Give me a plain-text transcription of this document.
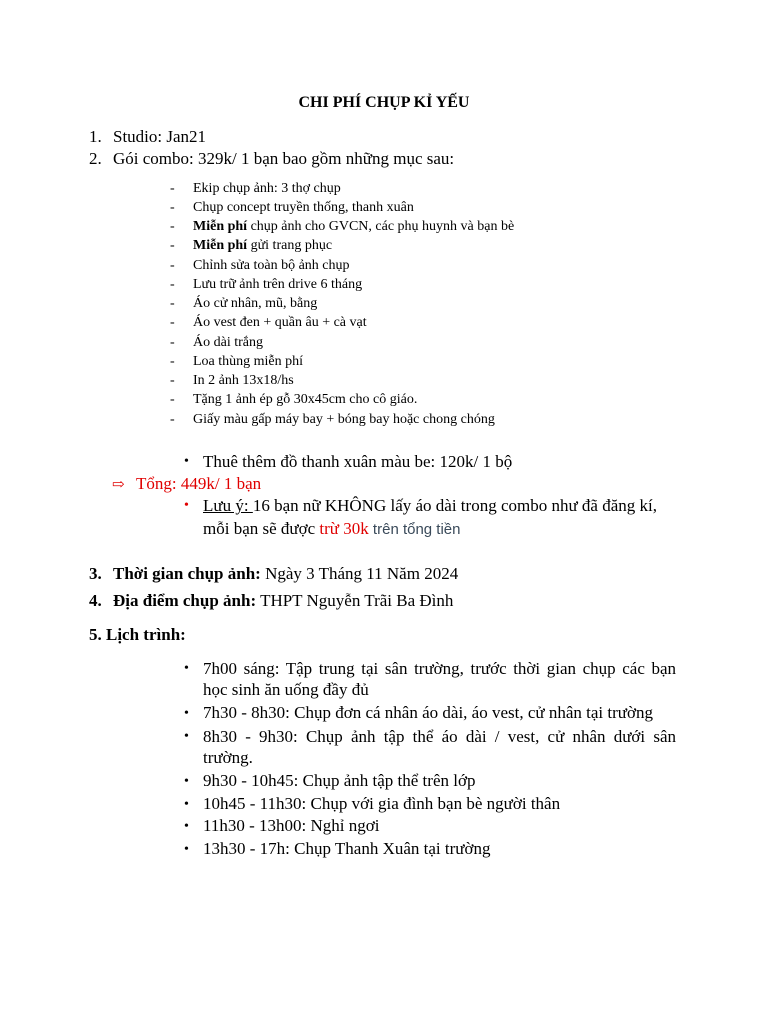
CHI PHÍ CHỤP KỈ YẾU
1. Studio: Jan21
2. Gói combo: 329k/ 1 bạn bao gồm những mục sau:
- Ekip chụp ảnh: 3 thợ chụp
- Chụp concept truyền thống, thanh xuân
- Miễn phí chụp ảnh cho GVCN, các phụ huynh và bạn bè
- Miễn phí gửi trang phục
- Chỉnh sửa toàn bộ ảnh chụp
- Lưu trữ ảnh trên drive 6 tháng
- Áo cử nhân, mũ, bằng
- Áo vest đen + quần âu + cà vạt
- Áo dài trắng
- Loa thùng miễn phí
- In 2 ảnh 13x18/hs
- Tặng 1 ảnh ép gỗ 30x45cm cho cô giáo.
- Giấy màu gấp máy bay + bóng bay hoặc chong chóng
• Thuê thêm đồ thanh xuân màu be: 120k/ 1 bộ
⇨ Tổng: 449k/ 1 bạn
• Lưu ý: 16 bạn nữ KHÔNG lấy áo dài trong combo như đã đăng kí,
mỗi bạn sẽ được trừ 30k trên tổng tiền
3. Thời gian chụp ảnh: Ngày 3 Tháng 11 Năm 2024
4. Địa điểm chụp ảnh: THPT Nguyễn Trãi Ba Đình
5. Lịch trình:
• 7h00 sáng: Tập trung tại sân trường, trước thời gian chụp các bạn
học sinh ăn uống đầy đủ
• 7h30 - 8h30: Chụp đơn cá nhân áo dài, áo vest, cử nhân tại trường
• 8h30 - 9h30: Chụp ảnh tập thể áo dài / vest, cử nhân dưới sân
trường.
• 9h30 - 10h45: Chụp ảnh tập thể trên lớp
• 10h45 - 11h30: Chụp với gia đình bạn bè người thân
• 11h30 - 13h00: Nghỉ ngơi
• 13h30 - 17h: Chụp Thanh Xuân tại trường
